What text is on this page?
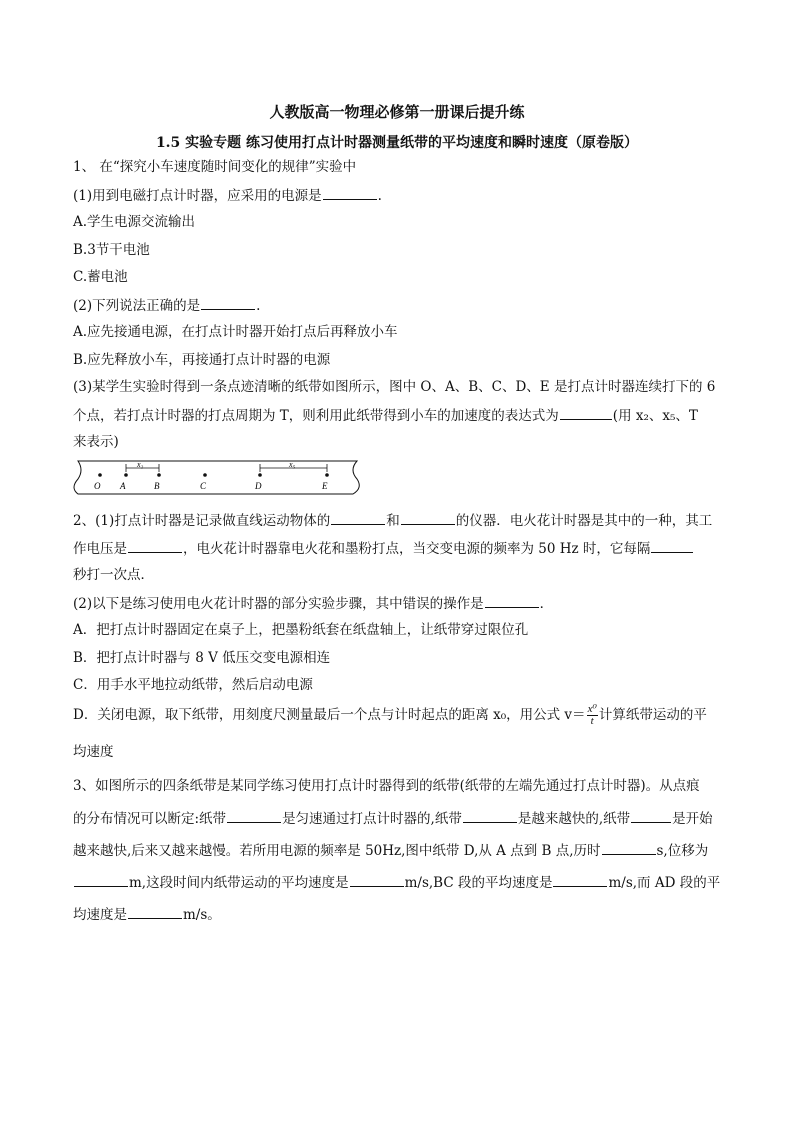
人教版高一物理必修第一册课后提升练
1.5 实验专题 练习使用打点计时器测量纸带的平均速度和瞬时速度（原卷版）
1、 在“探究小车速度随时间变化的规律”实验中
(1)用到电磁打点计时器，应采用的电源是	.
A.学生电源交流输出
B.3节干电池
C.蓄电池
(2)下列说法正确的是	.
A.应先接通电源，在打点计时器开始打点后再释放小车
B.应先释放小车，再接通打点计时器的电源
(3)某学生实验时得到一条点迹清晰的纸带如图所示，图中 O、A、B、C、D、E 是打点计时器连续打下的 6
个点，若打点计时器的打点周期为 T，则利用此纸带得到小车的加速度的表达式为	(用 x₂、x₅、T
来表示)
O A	B	C	D	E
x₂	x₅
2、(1)打点计时器是记录做直线运动物体的	和	的仪器．电火花计时器是其中的一种，其工
作电压是	，电火花计时器靠电火花和墨粉打点，当交变电源的频率为 50 Hz 时，它每隔
秒打一次点．
(2)以下是练习使用电火花计时器的部分实验步骤，其中错误的操作是	．
A．把打点计时器固定在桌子上，把墨粉纸套在纸盘轴上，让纸带穿过限位孔
B．把打点计时器与 8 V 低压交变电源相连
C．用手水平地拉动纸带，然后启动电源
D．关闭电源，取下纸带，用刻度尺测量最后一个点与计时起点的距离 x₀，用公式 $v= \frac{\text{x⁰}}{t}$ 计算纸带运动的平
均速度
3、如图所示的四条纸带是某同学练习使用打点计时器得到的纸带(纸带的左端先通过打点计时器)。从点痕
的分布情况可以断定:纸带	是匀速通过打点计时器的,纸带	是越来越快的,纸带	是开始
越来越快,后来又越来越慢。若所用电源的频率是 50Hz,图中纸带 D,从 A 点到 B 点,历时	s,位移为
m,这段时间内纸带运动的平均速度是	m/s,BC 段的平均速度是	m/s,而 AD 段的平
均速度是	m/s。
